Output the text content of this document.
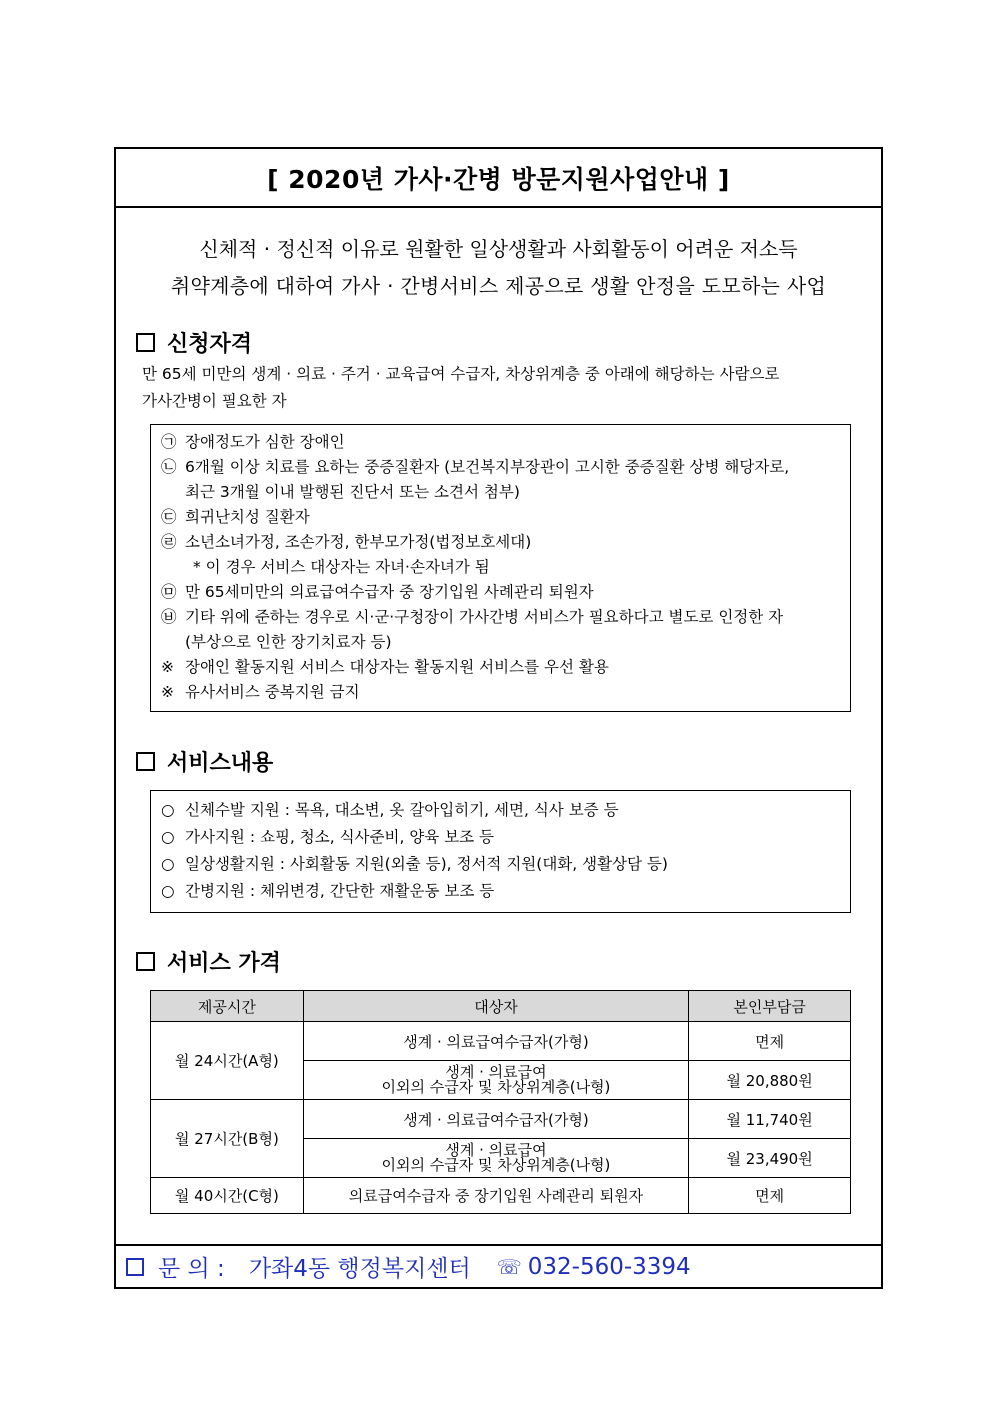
[ 2020년 가사·간병 방문지원사업안내 ]
신체적 · 정신적 이유로 원활한 일상생활과 사회활동이 어려운 저소득
취약계층에 대하여 가사 · 간병서비스 제공으로 생활 안정을 도모하는 사업
신청자격
만 65세 미만의 생계 · 의료 · 주거 · 교육급여 수급자, 차상위계층 중 아래에 해당하는 사람으로
가사간병이 필요한 자
㉠ 장애정도가 심한 장애인
㉡ 6개월 이상 치료를 요하는 중증질환자 (보건복지부장관이 고시한 중증질환 상병 해당자로,
최근 3개월 이내 발행된 진단서 또는 소견서 첨부)
㉢ 희귀난치성 질환자
㉣ 소년소녀가정, 조손가정, 한부모가정(법정보호세대)
* 이 경우 서비스 대상자는 자녀·손자녀가 됨
㉤ 만 65세미만의 의료급여수급자 중 장기입원 사례관리 퇴원자
㉥ 기타 위에 준하는 경우로 시·군·구청장이 가사간병 서비스가 필요하다고 별도로 인정한 자
(부상으로 인한 장기치료자 등)
※ 장애인 활동지원 서비스 대상자는 활동지원 서비스를 우선 활용
※ 유사서비스 중복지원 금지
서비스내용
○ 신체수발 지원 : 목욕, 대소변, 옷 갈아입히기, 세면, 식사 보증 등
○ 가사지원 : 쇼핑, 청소, 식사준비, 양육 보조 등
○ 일상생활지원 : 사회활동 지원(외출 등), 정서적 지원(대화, 생활상담 등)
○ 간병지원 : 체위변경, 간단한 재활운동 보조 등
서비스 가격
제공시간	대상자	본인부담금
월 24시간(A형)	생계 · 의료급여수급자(가형)	면제

	생계 · 의료급여
이외의 수급자 및 차상위계층(나형)	월 20,880원
월 27시간(B형)	생계 · 의료급여수급자(가형)	월 11,740원

	생계 · 의료급여
이외의 수급자 및 차상위계층(나형)	월 23,490원
월 40시간(C형)	의료급여수급자 중 장기입원 사례관리 퇴원자	면제
문 의 : 가좌4동 행정복지센터 ☏ 032-560-3394
